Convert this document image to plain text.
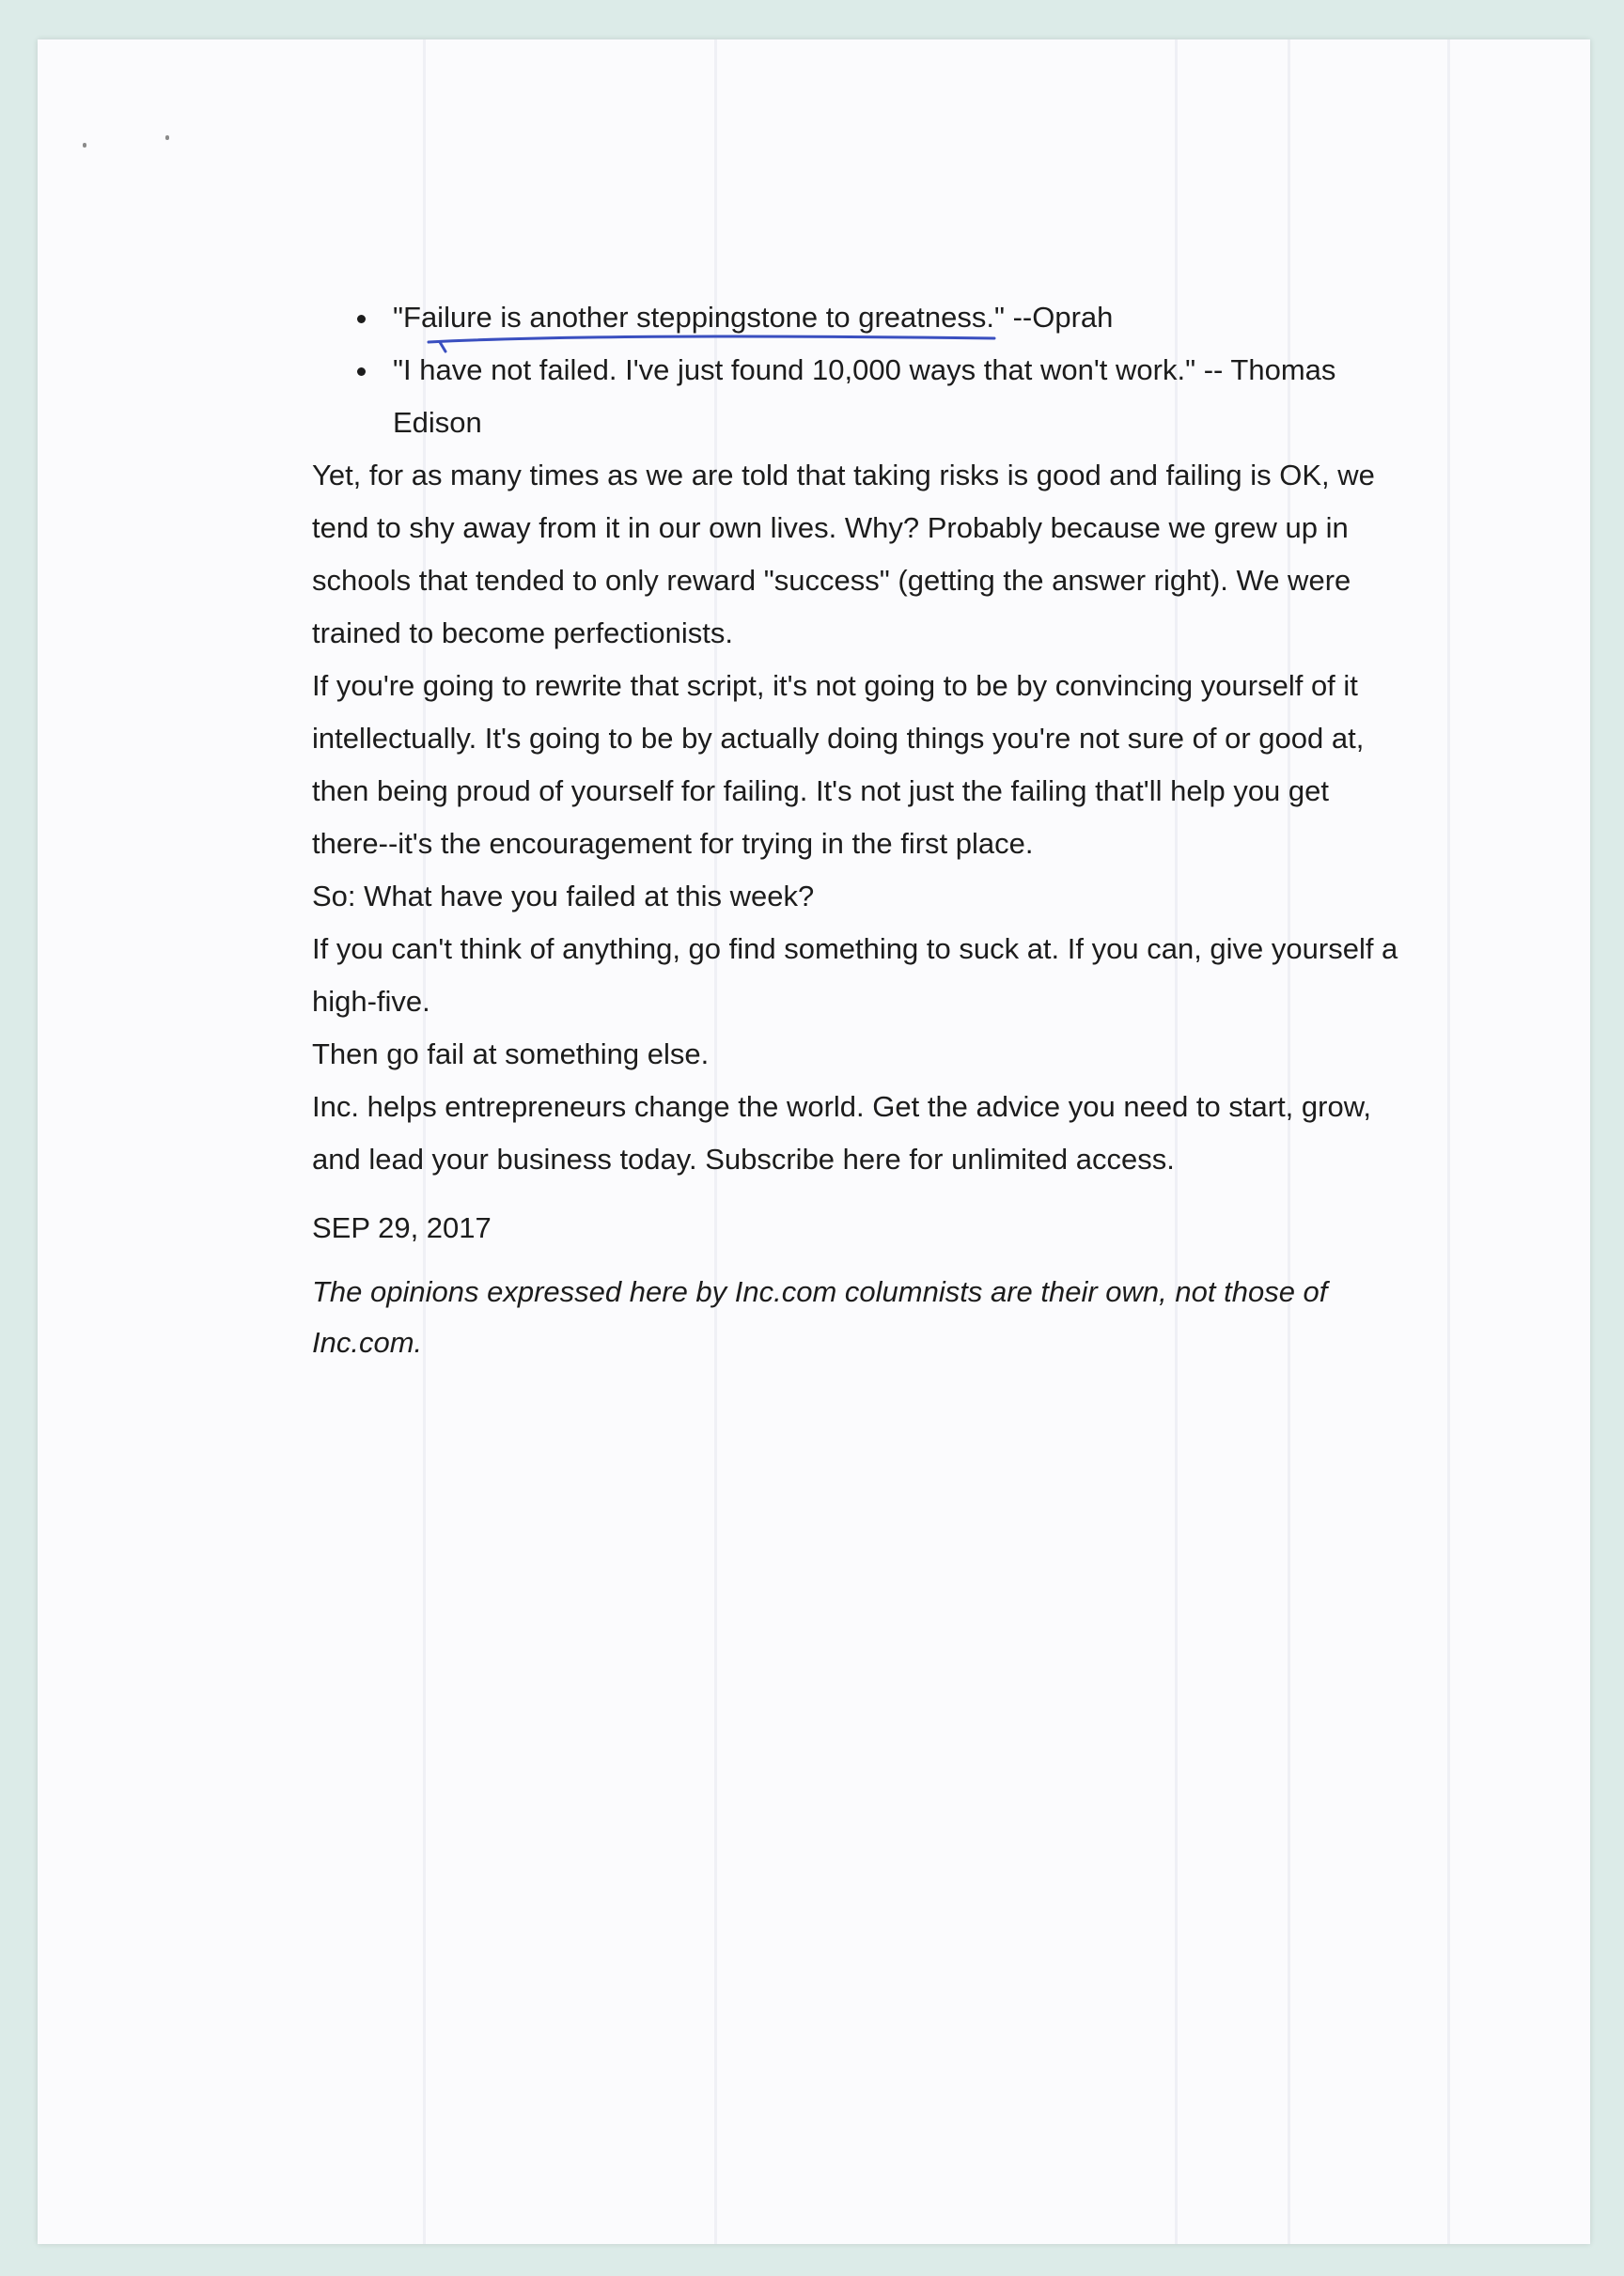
"Failure is another steppingstone to greatness." --Oprah
"I have not failed. I've just found 10,000 ways that won't work." -- Thomas Edison

Yet, for as many times as we are told that taking risks is good and failing is OK, we tend to shy away from it in our own lives. Why? Probably because we grew up in schools that tended to only reward "success" (getting the answer right). We were trained to become perfectionists.

If you're going to rewrite that script, it's not going to be by convincing yourself of it intellectually. It's going to be by actually doing things you're not sure of or good at, then being proud of yourself for failing. It's not just the failing that'll help you get there--it's the encouragement for trying in the first place.

So: What have you failed at this week?

If you can't think of anything, go find something to suck at. If you can, give yourself a high-five.

Then go fail at something else.

Inc. helps entrepreneurs change the world. Get the advice you need to start, grow, and lead your business today. Subscribe here for unlimited access.

SEP 29, 2017
The opinions expressed here by Inc.com columnists are their own, not those of Inc.com.
